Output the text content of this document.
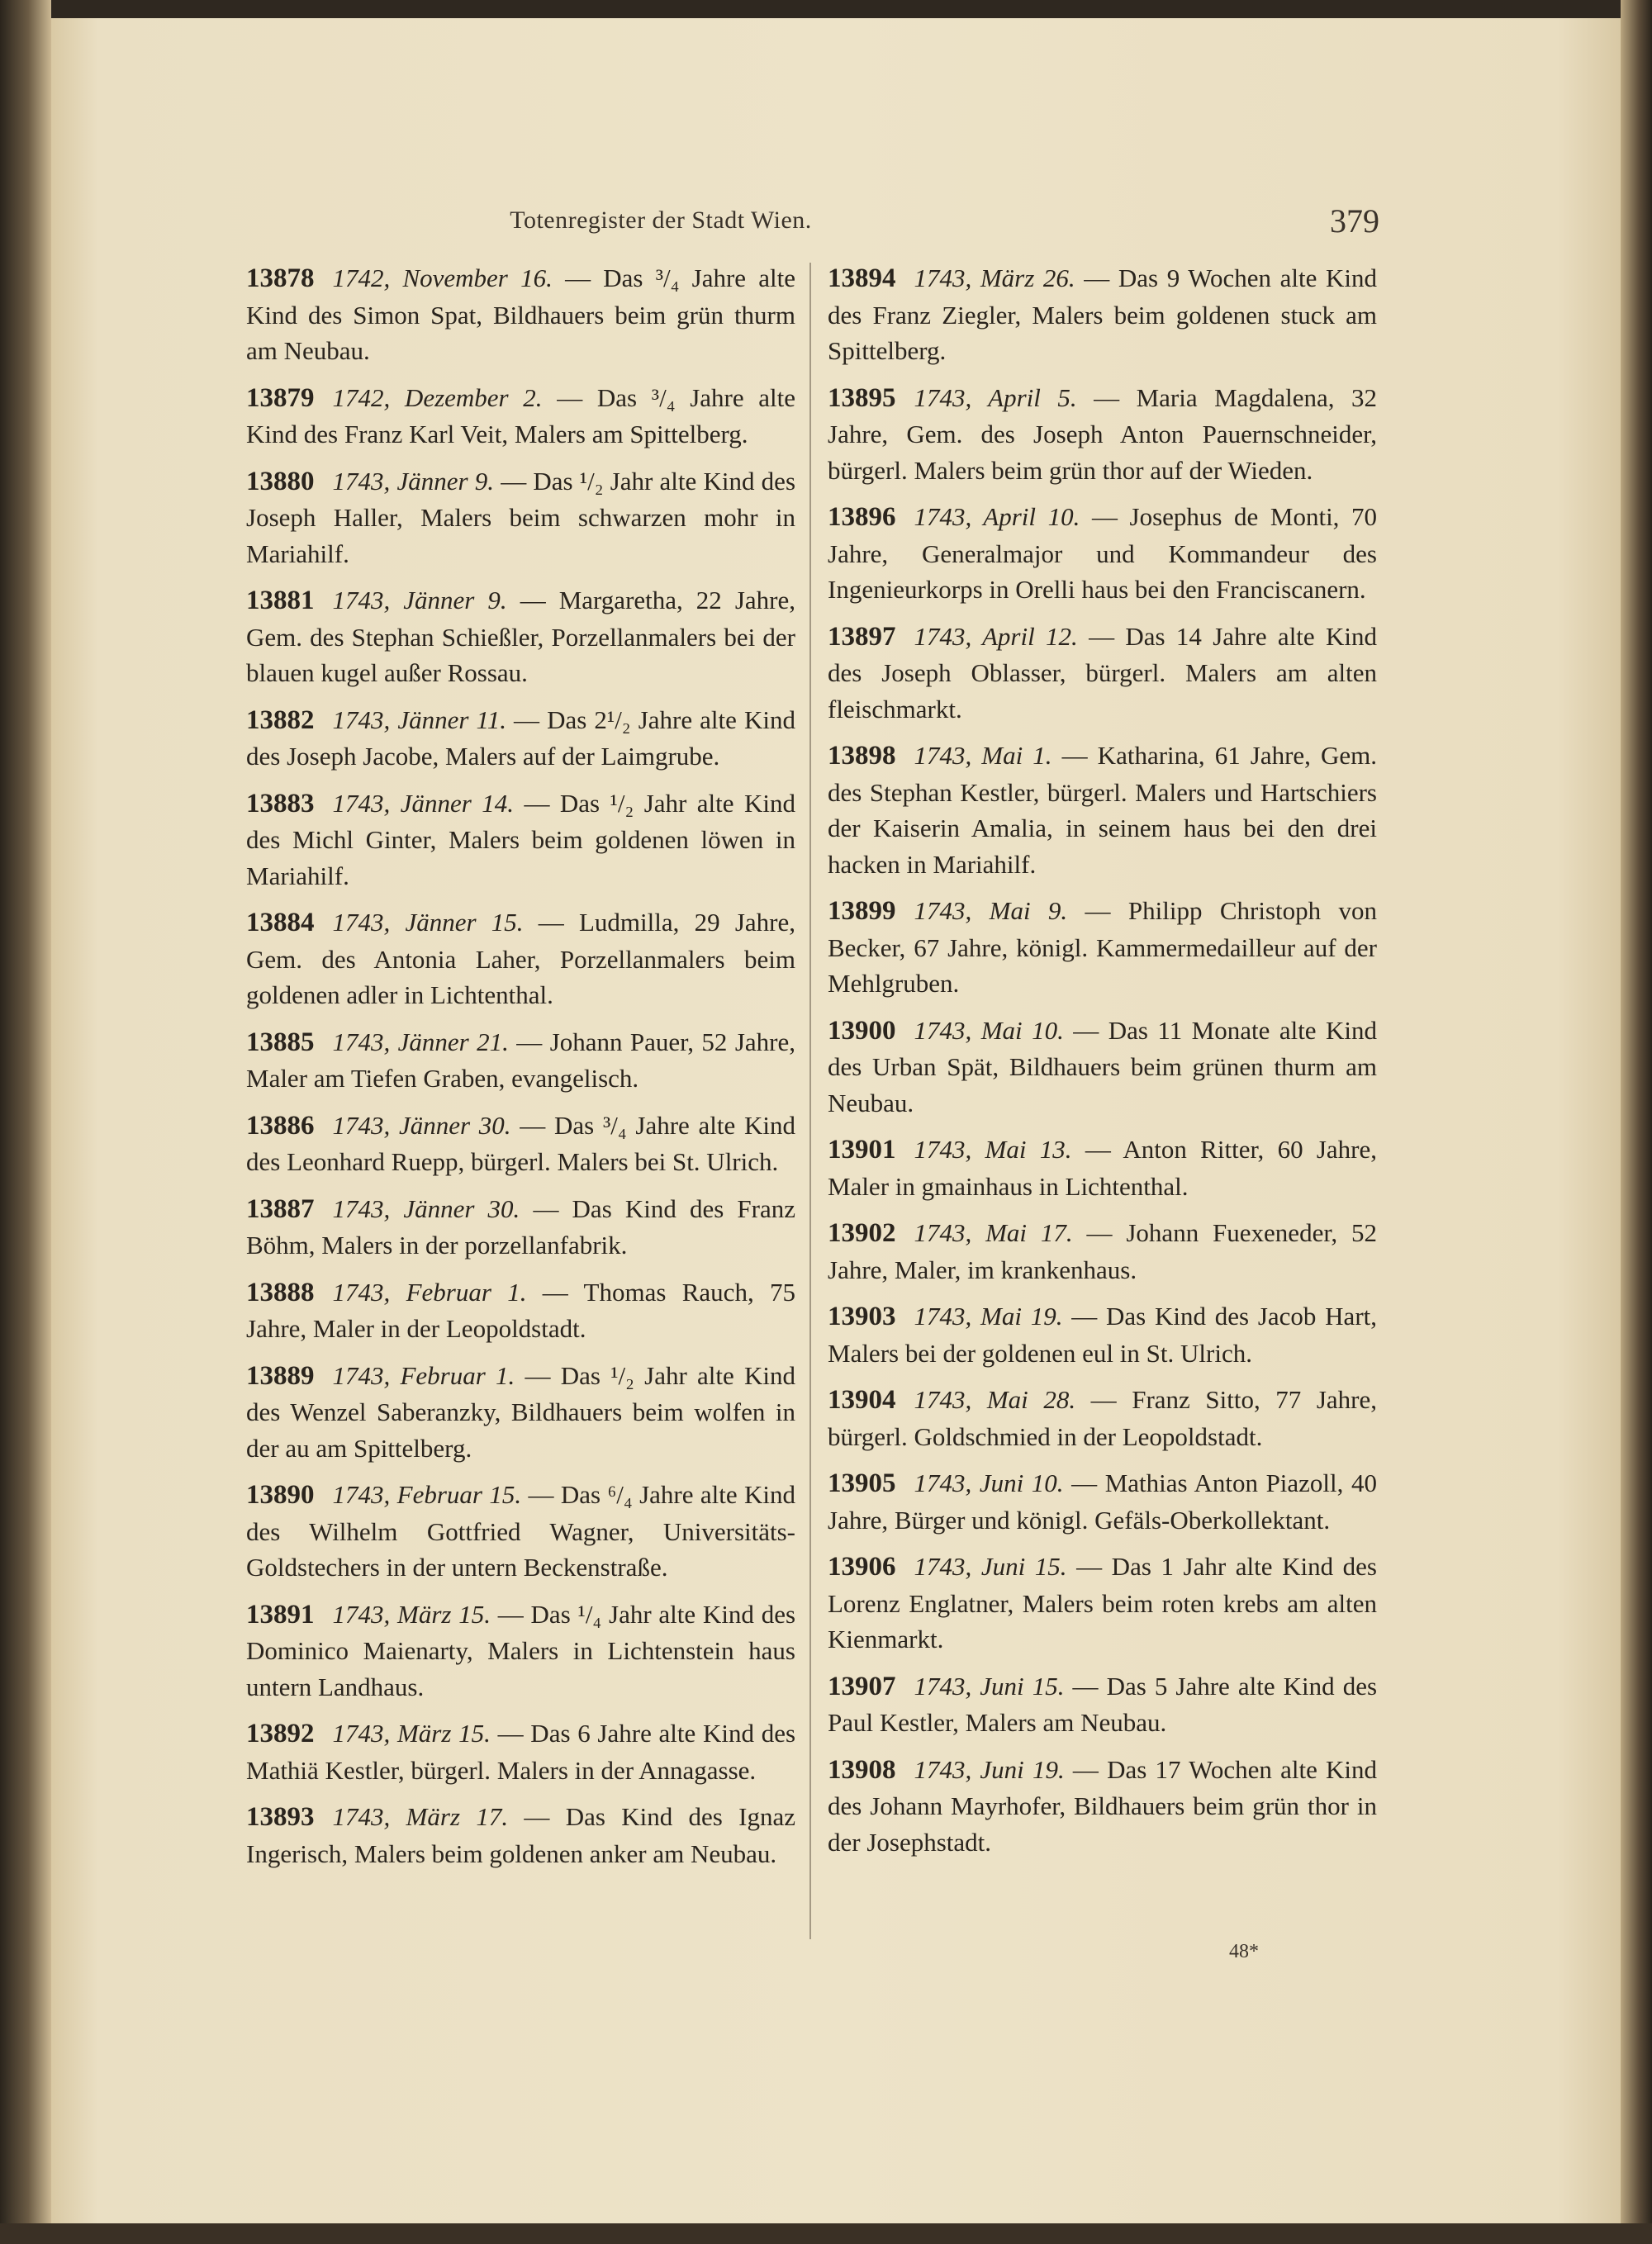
Totenregister der Stadt Wien.	379

13878 1742, November 16. — Das ³/₄ Jahre alte Kind des Simon Spat, Bildhauers beim grün thurm am Neubau.

13879 1742, Dezember 2. — Das ³/₄ Jahre alte Kind des Franz Karl Veit, Malers am Spittelberg.

13880 1743, Jänner 9. — Das ¹/₂ Jahr alte Kind des Joseph Haller, Malers beim schwarzen mohr in Mariahilf.

13881 1743, Jänner 9. — Margaretha, 22 Jahre, Gem. des Stephan Schießler, Porzellanmalers bei der blauen kugel außer Rossau.

13882 1743, Jänner 11. — Das 2¹/₂ Jahre alte Kind des Joseph Jacobe, Malers auf der Laimgrube.

13883 1743, Jänner 14. — Das ¹/₂ Jahr alte Kind des Michl Ginter, Malers beim goldenen löwen in Mariahilf.

13884 1743, Jänner 15. — Ludmilla, 29 Jahre, Gem. des Antonia Laher, Porzellanmalers beim goldenen adler in Lichtenthal.

13885 1743, Jänner 21. — Johann Pauer, 52 Jahre, Maler am Tiefen Graben, evangelisch.

13886 1743, Jänner 30. — Das ³/₄ Jahre alte Kind des Leonhard Ruepp, bürgerl. Malers bei St. Ulrich.

13887 1743, Jänner 30. — Das Kind des Franz Böhm, Malers in der porzellanfabrik.

13888 1743, Februar 1. — Thomas Rauch, 75 Jahre, Maler in der Leopoldstadt.

13889 1743, Februar 1. — Das ¹/₂ Jahr alte Kind des Wenzel Saberanzky, Bildhauers beim wolfen in der au am Spittelberg.

13890 1743, Februar 15. — Das ⁶/₄ Jahre alte Kind des Wilhelm Gottfried Wagner, Universitäts-Goldstechers in der untern Beckenstraße.

13891 1743, März 15. — Das ¹/₄ Jahr alte Kind des Dominico Maienarty, Malers in Lichtenstein haus untern Landhaus.

13892 1743, März 15. — Das 6 Jahre alte Kind des Mathiä Kestler, bürgerl. Malers in der Annagasse.

13893 1743, März 17. — Das Kind des Ignaz Ingerisch, Malers beim goldenen anker am Neubau.

13894 1743, März 26. — Das 9 Wochen alte Kind des Franz Ziegler, Malers beim goldenen stuck am Spittelberg.

13895 1743, April 5. — Maria Magdalena, 32 Jahre, Gem. des Joseph Anton Pauernschneider, bürgerl. Malers beim grün thor auf der Wieden.

13896 1743, April 10. — Josephus de Monti, 70 Jahre, Generalmajor und Kommandeur des Ingenieurkorps in Orelli haus bei den Franciscanern.

13897 1743, April 12. — Das 14 Jahre alte Kind des Joseph Oblasser, bürgerl. Malers am alten fleischmarkt.

13898 1743, Mai 1. — Katharina, 61 Jahre, Gem. des Stephan Kestler, bürgerl. Malers und Hartschiers der Kaiserin Amalia, in seinem haus bei den drei hacken in Mariahilf.

13899 1743, Mai 9. — Philipp Christoph von Becker, 67 Jahre, königl. Kammermedailleur auf der Mehlgruben.

13900 1743, Mai 10. — Das 11 Monate alte Kind des Urban Spät, Bildhauers beim grünen thurm am Neubau.

13901 1743, Mai 13. — Anton Ritter, 60 Jahre, Maler in gmainhaus in Lichtenthal.

13902 1743, Mai 17. — Johann Fuexeneder, 52 Jahre, Maler, im krankenhaus.

13903 1743, Mai 19. — Das Kind des Jacob Hart, Malers bei der goldenen eul in St. Ulrich.

13904 1743, Mai 28. — Franz Sitto, 77 Jahre, bürgerl. Goldschmied in der Leopoldstadt.

13905 1743, Juni 10. — Mathias Anton Piazoll, 40 Jahre, Bürger und königl. Gefäls-Oberkollektant.

13906 1743, Juni 15. — Das 1 Jahr alte Kind des Lorenz Englatner, Malers beim roten krebs am alten Kienmarkt.

13907 1743, Juni 15. — Das 5 Jahre alte Kind des Paul Kestler, Malers am Neubau.

13908 1743, Juni 19. — Das 17 Wochen alte Kind des Johann Mayrhofer, Bildhauers beim grün thor in der Josephstadt.

48*
